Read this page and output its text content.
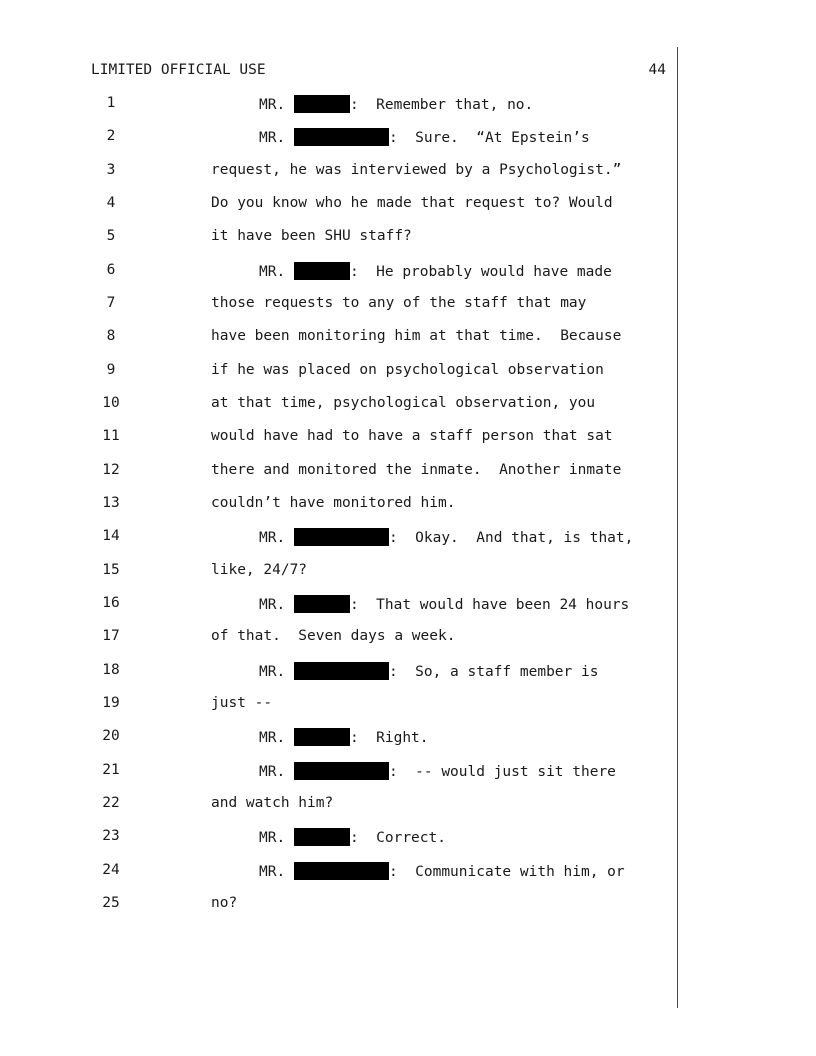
LIMITED OFFICIAL USE	44
1	MR.	:  Remember that, no.
2	MR.	:  Sure.  “At Epstein’s
3	request, he was interviewed by a Psychologist.”
4	Do you know who he made that request to? Would
5	it have been SHU staff?
6	MR.	:  He probably would have made
7	those requests to any of the staff that may
8	have been monitoring him at that time.  Because
9	if he was placed on psychological observation
10	at that time, psychological observation, you
11	would have had to have a staff person that sat
12	there and monitored the inmate.  Another inmate
13	couldn’t have monitored him.
14	MR.	:  Okay.  And that, is that,
15	like, 24/7?
16	MR.	:  That would have been 24 hours
17	of that.  Seven days a week.
18	MR.	:  So, a staff member is
19	just --
20	MR.	:  Right.
21	MR.	:  -- would just sit there
22	and watch him?
23	MR.	:  Correct.
24	MR.	:  Communicate with him, or
25	no?
